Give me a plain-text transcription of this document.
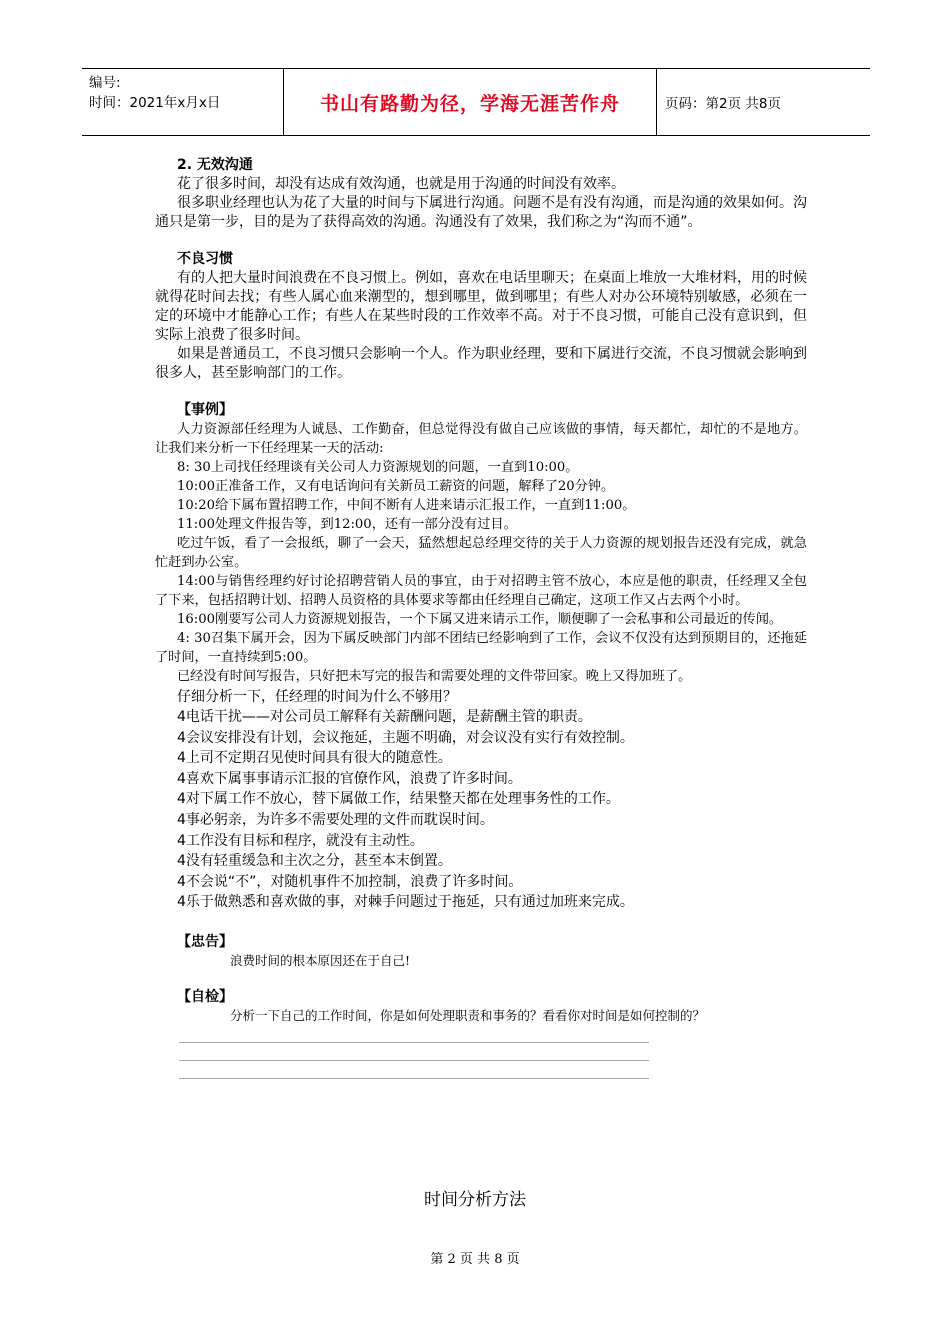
编号:
时间：2021年x月x日	书山有路勤为径，学海无涯苦作舟	页码：第2页 共8页
2. 无效沟通

花了很多时间，却没有达成有效沟通，也就是用于沟通的时间没有效率。

很多职业经理也认为花了大量的时间与下属进行沟通。问题不是有没有沟通，而是沟通的效果如何。沟通只是第一步，目的是为了获得高效的沟通。沟通没有了效果，我们称之为“沟而不通”。

不良习惯

有的人把大量时间浪费在不良习惯上。例如，喜欢在电话里聊天；在桌面上堆放一大堆材料，用的时候就得花时间去找；有些人属心血来潮型的，想到哪里，做到哪里；有些人对办公环境特别敏感，必须在一定的环境中才能静心工作；有些人在某些时段的工作效率不高。对于不良习惯，可能自己没有意识到，但实际上浪费了很多时间。

如果是普通员工，不良习惯只会影响一个人。作为职业经理，要和下属进行交流，不良习惯就会影响到很多人，甚至影响部门的工作。

【事例】

人力资源部任经理为人诚恳、工作勤奋，但总觉得没有做自己应该做的事情，每天都忙，却忙的不是地方。让我们来分析一下任经理某一天的活动:

8: 30上司找任经理谈有关公司人力资源规划的问题，一直到10:00。

10:00正准备工作，又有电话询问有关新员工薪资的问题，解释了20分钟。

10:20给下属布置招聘工作，中间不断有人进来请示汇报工作，一直到11:00。

11:00处理文件报告等，到12:00，还有一部分没有过目。

吃过午饭，看了一会报纸，聊了一会天，猛然想起总经理交待的关于人力资源的规划报告还没有完成，就急忙赶到办公室。

14:00与销售经理约好讨论招聘营销人员的事宜，由于对招聘主管不放心，本应是他的职责，任经理又全包了下来，包括招聘计划、招聘人员资格的具体要求等都由任经理自己确定，这项工作又占去两个小时。

16:00刚要写公司人力资源规划报告，一个下属又进来请示工作，顺便聊了一会私事和公司最近的传闻。

4: 30召集下属开会，因为下属反映部门内部不团结已经影响到了工作，会议不仅没有达到预期目的，还拖延了时间，一直持续到5:00。

已经没有时间写报告，只好把未写完的报告和需要处理的文件带回家。晚上又得加班了。

仔细分析一下，任经理的时间为什么不够用？

4电话干扰——对公司员工解释有关薪酬问题，是薪酬主管的职责。
4会议安排没有计划，会议拖延，主题不明确，对会议没有实行有效控制。
4上司不定期召见使时间具有很大的随意性。
4喜欢下属事事请示汇报的官僚作风，浪费了许多时间。
4对下属工作不放心，替下属做工作，结果整天都在处理事务性的工作。
4事必躬亲，为许多不需要处理的文件而耽误时间。
4工作没有目标和程序，就没有主动性。
4没有轻重缓急和主次之分，甚至本末倒置。
4不会说“不”，对随机事件不加控制，浪费了许多时间。
4乐于做熟悉和喜欢做的事，对棘手问题过于拖延，只有通过加班来完成。
【忠告】
浪费时间的根本原因还在于自己!
【自检】
分析一下自己的工作时间，你是如何处理职责和事务的？看看你对时间是如何控制的？
时间分析方法
第 2 页 共 8 页
